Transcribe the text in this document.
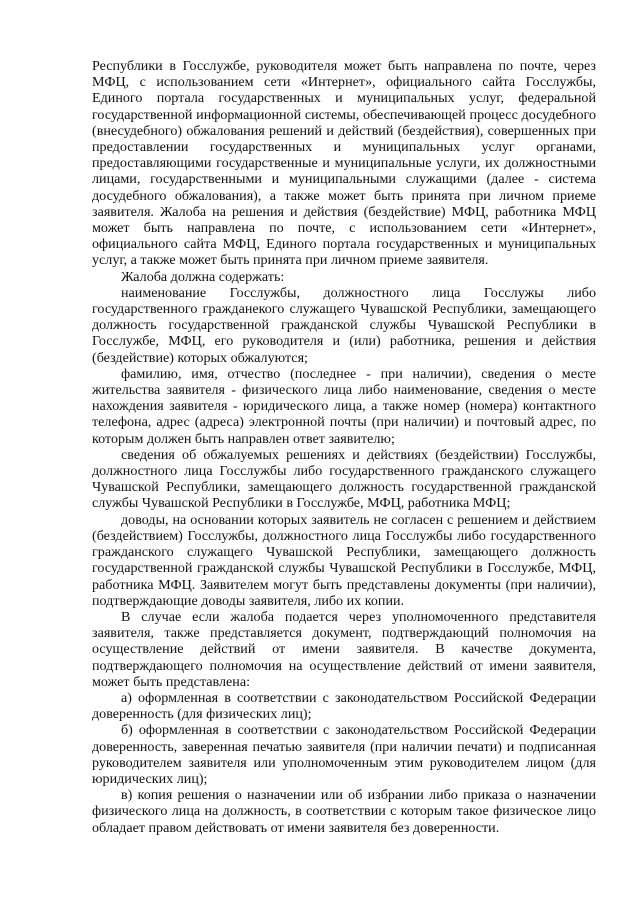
Республики в Госслужбе, руководителя может быть направлена по почте, через МФЦ, с использованием сети «Интернет», официального сайта Госслужбы, Единого портала государственных и муниципальных услуг, федеральной государственной информационной системы, обеспечивающей процесс досудебного (внесудебного) обжалования решений и действий (бездействия), совершенных при предоставлении государственных и муниципальных услуг органами, предоставляющими государственные и муниципальные услуги, их должностными лицами, государственными и муниципальными служащими (далее - система досудебного обжалования), а также может быть принята при личном приеме заявителя. Жалоба на решения и действия (бездействие) МФЦ, работника МФЦ может быть направлена по почте, с использованием сети «Интернет», официального сайта МФЦ, Единого портала государственных и муниципальных услуг, а также может быть принята при личном приеме заявителя.

Жалоба должна содержать:

наименование Госслужбы, должностного лица Госслужы либо государственного гражданекого служащего Чувашской Республики, замещающего должность государственной гражданской службы Чувашской Республики в Госслужбе, МФЦ, его руководителя и (или) работника, решения и действия (бездействие) которых обжалуются;

фамилию, имя, отчество (последнее - при наличии), сведения о месте жительства заявителя - физического лица либо наименование, сведения о месте нахождения заявителя - юридического лица, а также номер (номера) контактного телефона, адрес (адреса) электронной почты (при наличии) и почтовый адрес, по которым должен быть направлен ответ заявителю;

сведения об обжалуемых решениях и действиях (бездействии) Госслужбы, должностного лица Госслужбы либо государственного гражданского служащего Чувашской Республики, замещающего должность государственной гражданской службы Чувашской Республики в Госслужбе, МФЦ, работника МФЦ;

доводы, на основании которых заявитель не согласен с решением и действием (бездействием) Госслужбы, должностного лица Госслужбы либо государственного гражданского служащего Чувашской Республики, замещающего должность государственной гражданской службы Чувашской Республики в Госслужбе, МФЦ, работника МФЦ. Заявителем могут быть представлены документы (при наличии), подтверждающие доводы заявителя, либо их копии.

В случае если жалоба подается через уполномоченного представителя заявителя, также представляется документ, подтверждающий полномочия на осуществление действий от имени заявителя. В качестве документа, подтверждающего полномочия на осуществление действий от имени заявителя, может быть представлена:

а) оформленная в соответствии с законодательством Российской Федерации доверенность (для физических лиц);

б) оформленная в соответствии с законодательством Российской Федерации доверенность, заверенная печатью заявителя (при наличии печати) и подписанная руководителем заявителя или уполномоченным этим руководителем лицом (для юридических лиц);

в) копия решения о назначении или об избрании либо приказа о назначении физического лица на должность, в соответствии с которым такое физическое лицо обладает правом действовать от имени заявителя без доверенности.
